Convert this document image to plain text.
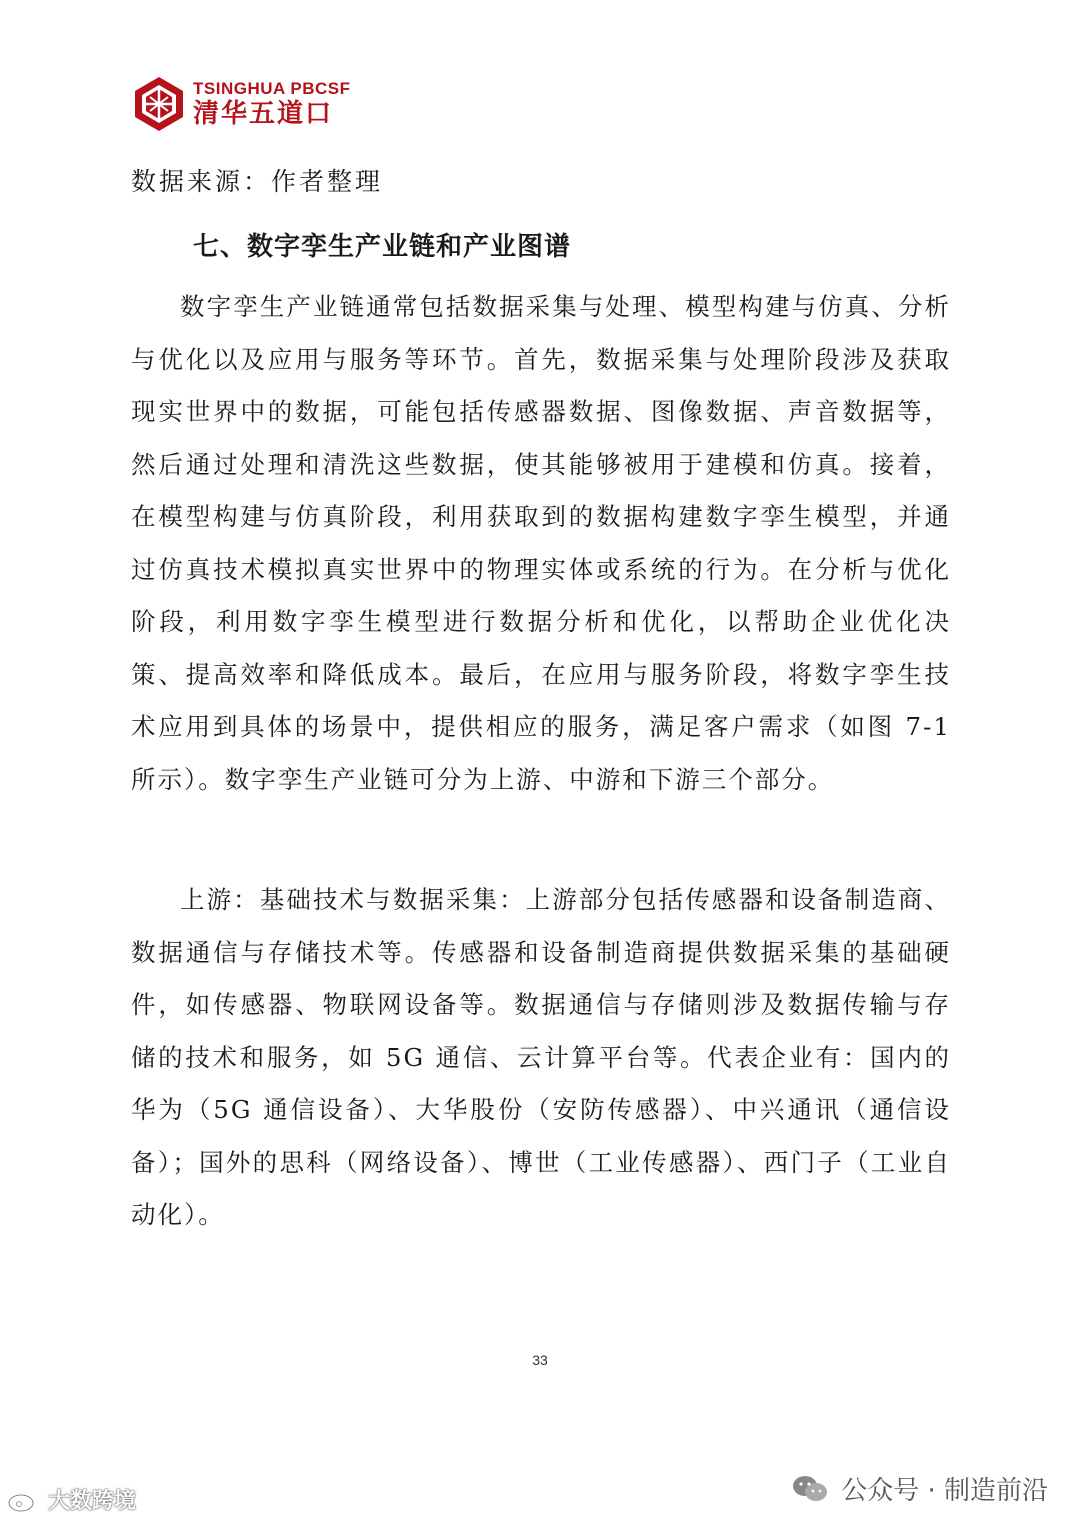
TSINGHUA PBCSF
清华五道口
数据来源：作者整理
七、数字孪生产业链和产业图谱

数字孪生产业链通常包括数据采集与处理、模型构建与仿真、分析与优化以及应用与服务等环节。首先，数据采集与处理阶段涉及获取现实世界中的数据，可能包括传感器数据、图像数据、声音数据等，然后通过处理和清洗这些数据，使其能够被用于建模和仿真。接着，在模型构建与仿真阶段，利用获取到的数据构建数字孪生模型，并通过仿真技术模拟真实世界中的物理实体或系统的行为。在分析与优化阶段，利用数字孪生模型进行数据分析和优化，以帮助企业优化决策、提高效率和降低成本。最后，在应用与服务阶段，将数字孪生技术应用到具体的场景中，提供相应的服务，满足客户需求（如图 7-1 所示）。数字孪生产业链可分为上游、中游和下游三个部分。

上游：基础技术与数据采集：上游部分包括传感器和设备制造商、数据通信与存储技术等。传感器和设备制造商提供数据采集的基础硬件，如传感器、物联网设备等。数据通信与存储则涉及数据传输与存储的技术和服务，如 5G 通信、云计算平台等。代表企业有：国内的华为（5G 通信设备）、大华股份（安防传感器）、中兴通讯（通信设备）；国外的思科（网络设备）、博世（工业传感器）、西门子（工业自动化）。

33
公众号 · 制造前沿
大数跨境
